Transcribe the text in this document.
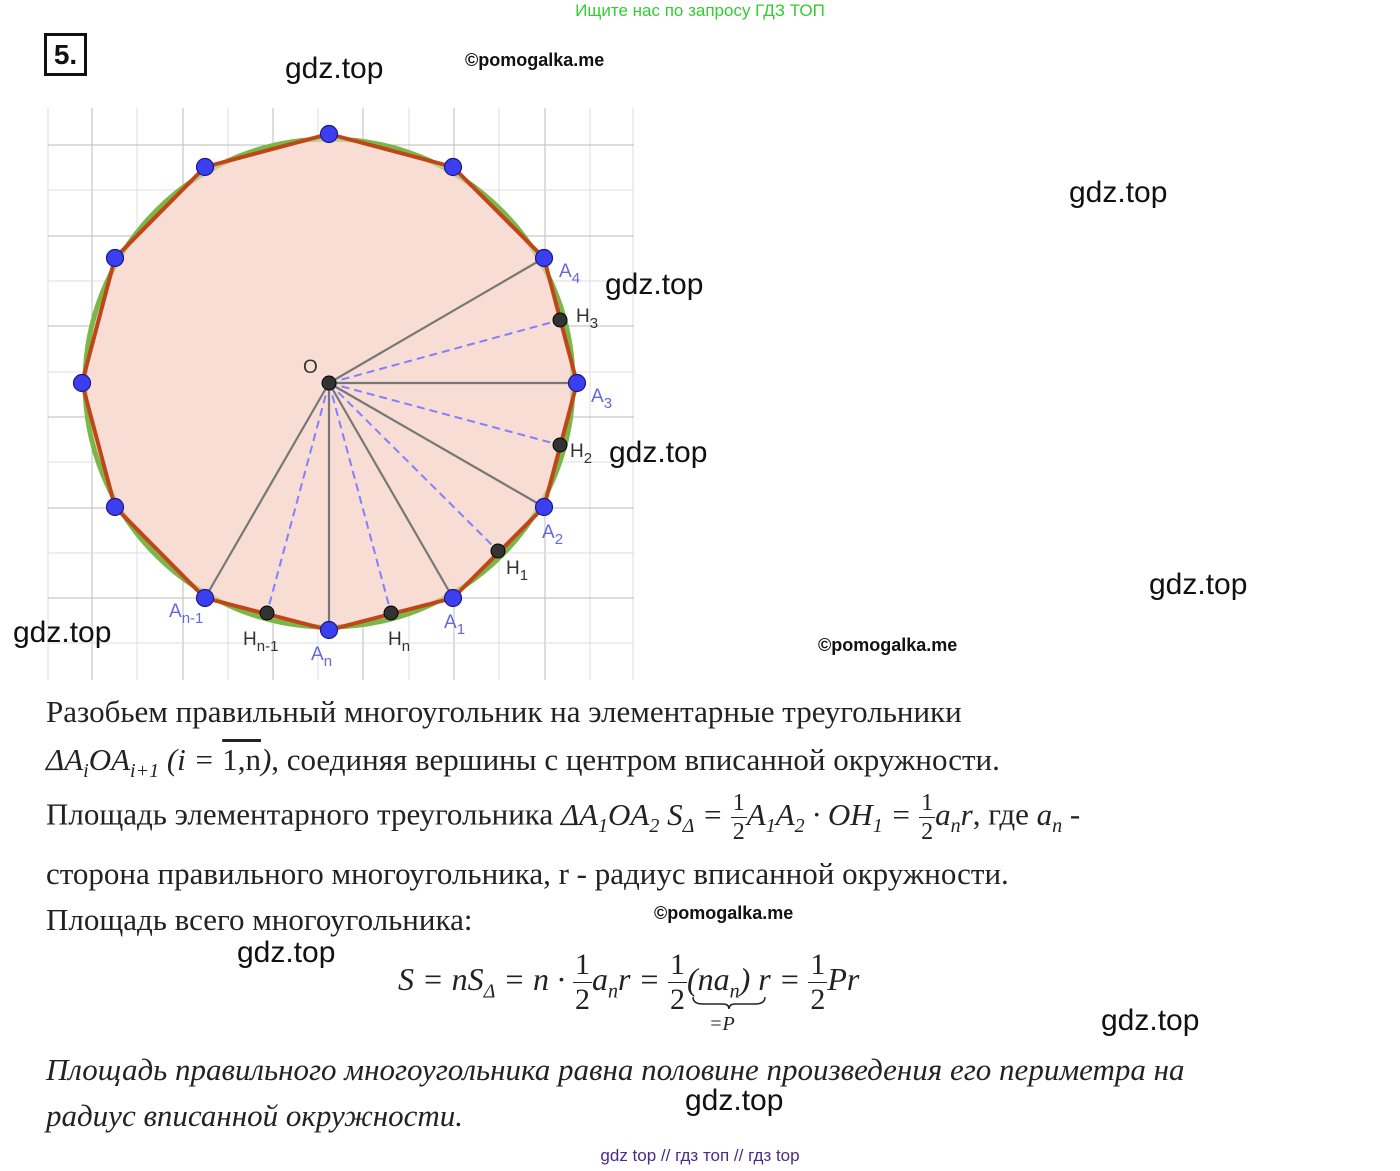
Ищите нас по запросу ГДЗ ТОП
5.
O
$A_4$
$H_3$
$A_3$
$H_2$
$A_2$
$H_1$
$A_1$
$H_n$
$A_n$
$H_{n-1}$
$A_{n-1}$
gdz.top	©pomogalka.me
gdz.top
gdz.top
gdz.top
gdz.top
gdz.top	©pomogalka.me
©pomogalka.me
gdz.top
gdz.top
gdz.top
Разобьем правильный многоугольник на элементарные треугольники
$\Delta A_iOA_{i+1}$ (i = 1,n), соединяя вершины с центром вписанной окружности.
Площадь элементарного треугольника $\Delta A_1OA_2$ $S_\Delta = \frac{1}{2} A_1A_2 \cdot OH_1 = \frac{1}{2} a_nr$, где $a_n$ -
сторона правильного многоугольника, r - радиус вписанной окружности.
Площадь всего многоугольника:
$S = nS_\Delta = n \cdot \frac{1}{2} a_nr = \frac{1}{2} (na_n)$
=P
$r = \frac{1}{2}$ Pr
Площадь правильного многоугольника равна половине произведения его периметра на
радиус вписанной окружности.
gdz top // гдз топ // гдз top
